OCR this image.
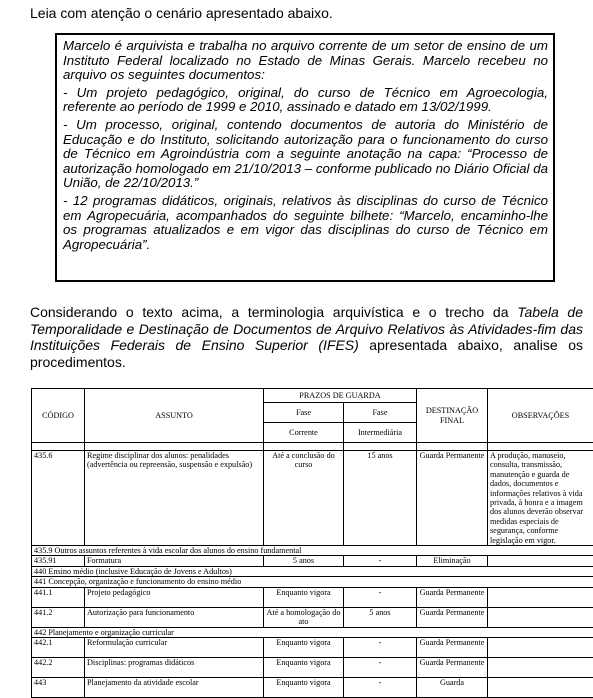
Leia com atenção o cenário apresentado abaixo.

Marcelo é arquivista e trabalha no arquivo corrente de um setor de ensino de um Instituto Federal localizado no Estado de Minas Gerais. Marcelo recebeu no arquivo os seguintes documentos:

- Um projeto pedagógico, original, do curso de Técnico em Agroecologia, referente ao período de 1999 e 2010, assinado e datado em 13/02/1999.

- Um processo, original, contendo documentos de autoria do Ministério de Educação e do Instituto, solicitando autorização para o funcionamento do curso de Técnico em Agroindústria com a seguinte anotação na capa: “Processo de autorização homologado em 21/10/2013 – conforme publicado no Diário Oficial da União, de 22/10/2013.”

- 12 programas didáticos, originais, relativos às disciplinas do curso de Técnico em Agropecuária, acompanhados do seguinte bilhete: “Marcelo, encaminho-lhe os programas atualizados e em vigor das disciplinas do curso de Técnico em Agropecuária”.

Considerando o texto acima, a terminologia arquivística e o trecho da Tabela de Temporalidade e Destinação de Documentos de Arquivo Relativos às Atividades-fim das Instituições Federais de Ensino Superior (IFES) apresentada abaixo, analise os procedimentos.

CÓDIGO	ASSUNTO	PRAZOS DE GUARDA		DESTINAÇÃO FINAL	OBSERVAÇÕES
		Fase	Fase		
		Corrente	Intermediária		

435.6	Regime disciplinar dos alunos: penalidades (advertência ou repreensão, suspensão e expulsão)	Até a conclusão do curso	15 anos	Guarda Permanente	A produção, manuseio, consulta, transmissão, manutenção e guarda de dados, documentos e informações relativos à vida privada, à honra e a imagem dos alunos deverão observar medidas especiais de segurança, conforme legislação em vigor.
435.9 Outros assuntos referentes à vida escolar dos alunos do ensino fundamental					
435.91	Formatura	5 anos	-	Eliminação	
440 Ensino médio (inclusive Educação de Jovens e Adultos)					
441 Concepção, organização e funcionamento do ensino médio					
441.1	Projeto pedagógico	Enquanto vigora	-	Guarda Permanente	
441.2	Autorização para funcionamento	Até a homologação do ato	5 anos	Guarda Permanente	
442 Planejamento e organização curricular					
442.1	Reformulação curricular	Enquanto vigora	-	Guarda Permanente	
442.2	Disciplinas: programas didáticos	Enquanto vigora	-	Guarda Permanente	
443	Planejamento da atividade escolar	Enquanto vigora	-	Guarda	
